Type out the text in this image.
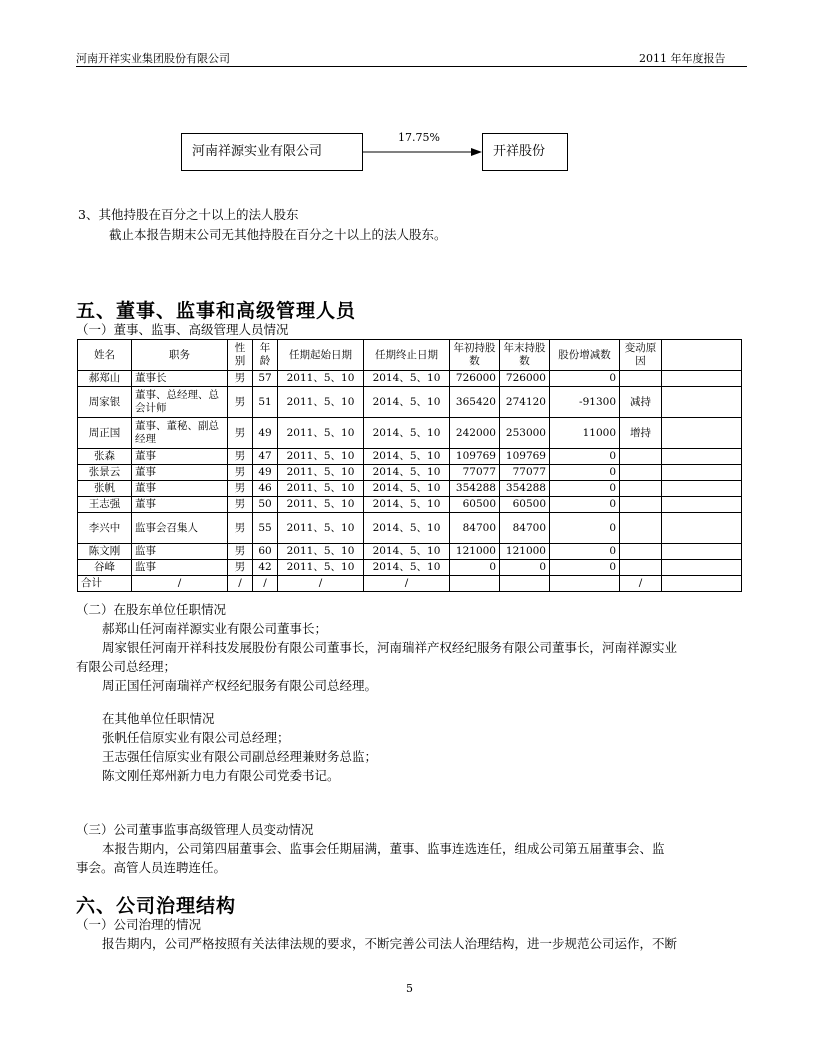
河南开祥实业集团股份有限公司	2011 年年度报告
河南祥源实业有限公司
17.75%
开祥股份
3、其他持股在百分之十以上的法人股东
截止本报告期末公司无其他持股在百分之十以上的法人股东。
五、董事、监事和高级管理人员
（一）董事、监事、高级管理人员情况
姓名	职务	性别	年龄	任期起始日期	任期终止日期	年初持股数	年末持股数	股份增减数	变动原因	
郝郑山	董事长	男	57	2011、5、10	2014、5、10	726000	726000	0		
周家银	董事、总经理、总会计师	男	51	2011、5、10	2014、5、10	365420	274120	-91300	减持	
周正国	董事、董秘、副总经理	男	49	2011、5、10	2014、5、10	242000	253000	11000	增持	
张森	董事	男	47	2011、5、10	2014、5、10	109769	109769	0		
张景云	董事	男	49	2011、5、10	2014、5、10	77077	77077	0		
张帆	董事	男	46	2011、5、10	2014、5、10	354288	354288	0		
王志强	董事	男	50	2011、5、10	2014、5、10	60500	60500	0		
李兴中	监事会召集人	男	55	2011、5、10	2014、5、10	84700	84700	0		
陈文刚	监事	男	60	2011、5、10	2014、5、10	121000	121000	0		
谷峰	监事	男	42	2011、5、10	2014、5、10	0	0	0		
合计	/	/	/	/	/				/	
（二）在股东单位任职情况
郝郑山任河南祥源实业有限公司董事长；
周家银任河南开祥科技发展股份有限公司董事长，河南瑞祥产权经纪服务有限公司董事长，河南祥源实业
有限公司总经理；
周正国任河南瑞祥产权经纪服务有限公司总经理。
在其他单位任职情况
张帆任信原实业有限公司总经理；
王志强任信原实业有限公司副总经理兼财务总监；
陈文刚任郑州新力电力有限公司党委书记。
（三）公司董事监事高级管理人员变动情况
本报告期内，公司第四届董事会、监事会任期届满，董事、监事连选连任，组成公司第五届董事会、监
事会。高管人员连聘连任。
六、公司治理结构
（一）公司治理的情况
报告期内，公司严格按照有关法律法规的要求，不断完善公司法人治理结构，进一步规范公司运作，不断
5
